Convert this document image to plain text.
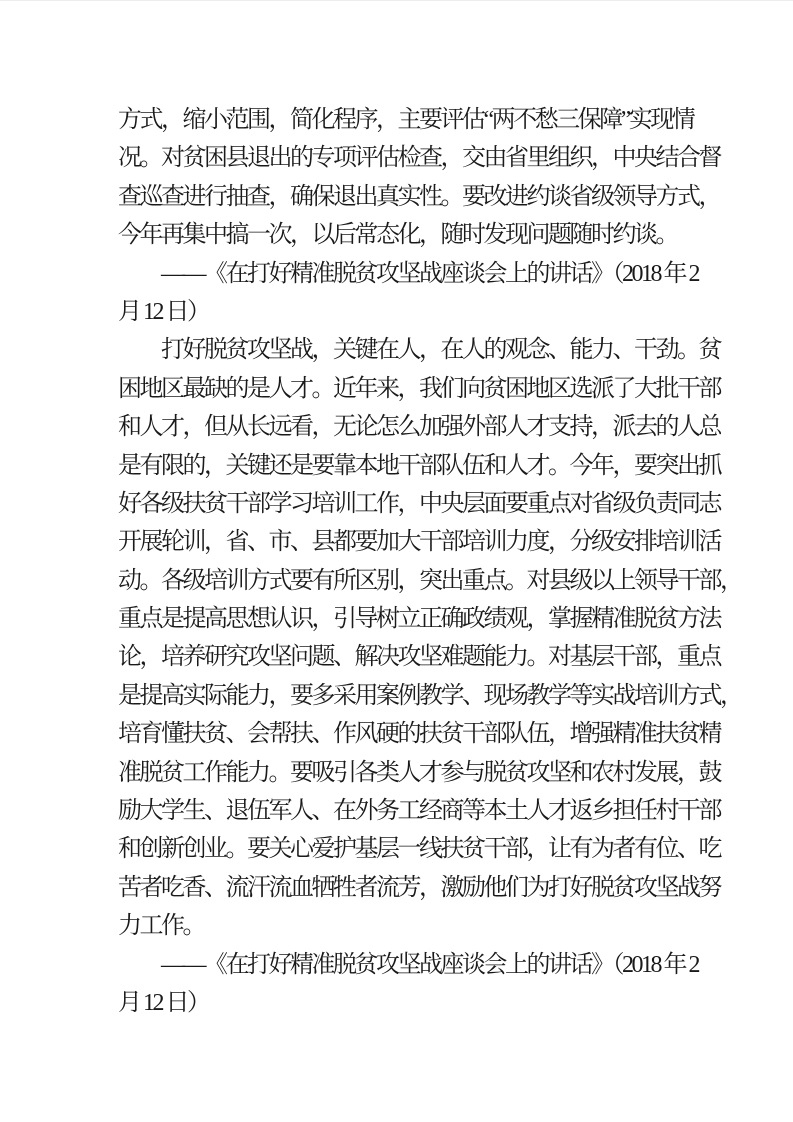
方式，缩小范围，简化程序，主要评估“两不愁三保障”实现情
况。对贫困县退出的专项评估检查，交由省里组织，中央结合督
查巡查进行抽查，确保退出真实性。要改进约谈省级领导方式，
今年再集中搞一次，以后常态化，随时发现问题随时约谈。
——《在打好精准脱贫攻坚战座谈会上的讲话》（2018 年 2
月 12 日）
打好脱贫攻坚战，关键在人，在人的观念、能力、干劲。贫
困地区最缺的是人才。近年来，我们向贫困地区选派了大批干部
和人才，但从长远看，无论怎么加强外部人才支持，派去的人总
是有限的，关键还是要靠本地干部队伍和人才。今年，要突出抓
好各级扶贫干部学习培训工作，中央层面要重点对省级负责同志
开展轮训，省、市、县都要加大干部培训力度，分级安排培训活
动。各级培训方式要有所区别，突出重点。对县级以上领导干部，
重点是提高思想认识，引导树立正确政绩观，掌握精准脱贫方法
论，培养研究攻坚问题、解决攻坚难题能力。对基层干部，重点
是提高实际能力，要多采用案例教学、现场教学等实战培训方式，
培育懂扶贫、会帮扶、作风硬的扶贫干部队伍，增强精准扶贫精
准脱贫工作能力。要吸引各类人才参与脱贫攻坚和农村发展，鼓
励大学生、退伍军人、在外务工经商等本土人才返乡担任村干部
和创新创业。要关心爱护基层一线扶贫干部，让有为者有位、吃
苦者吃香、流汗流血牺牲者流芳，激励他们为打好脱贫攻坚战努
力工作。
——《在打好精准脱贫攻坚战座谈会上的讲话》（2018 年 2
月 12 日）
